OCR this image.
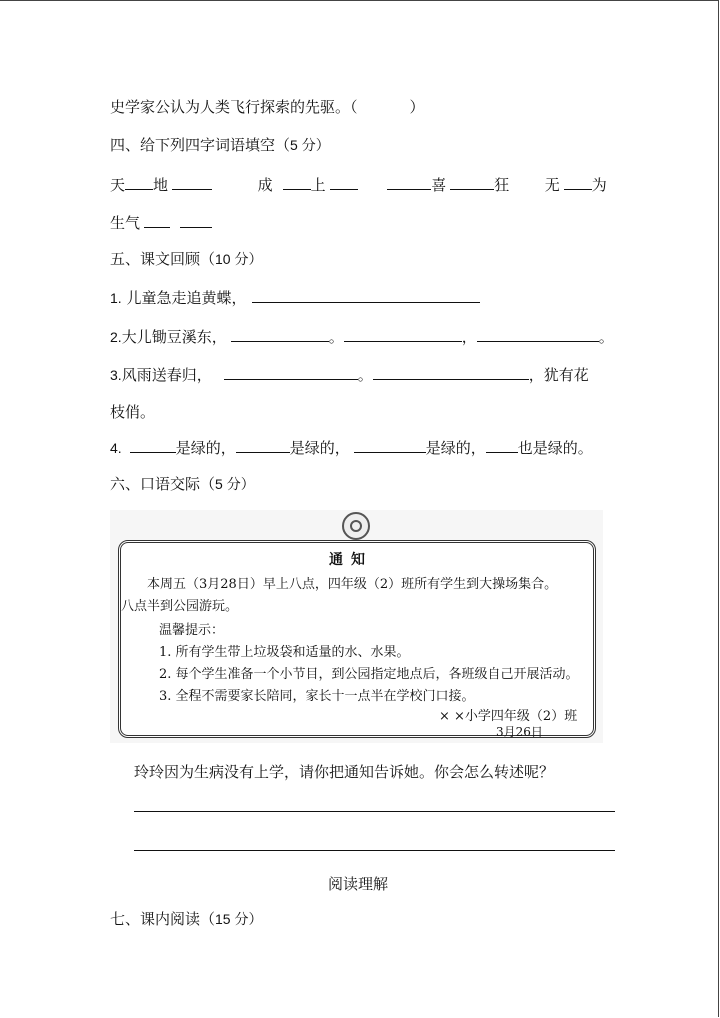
史学家公认为人类飞行探索的先驱。（	）
四、给下列四字词语填空（5 分）
天 地	成	上	喜	狂 无 为
生气
五、课文回顾（10 分）
1. 儿童急走追黄蝶，
2.大儿锄豆溪东，	。	，	。
3.风雨送春归，	。	，犹有花
枝俏。
4.	是绿的，	是绿的，	是绿的， 也是绿的。
六、口语交际（5 分）
通知
本周五（3月28日）早上八点，四年级（2）班所有学生到大操场集合。
八点半到公园游玩。
温馨提示：
1. 所有学生带上垃圾袋和适量的水、水果。
2. 每个学生准备一个小节目，到公园指定地点后，各班级自己开展活动。
3. 全程不需要家长陪同，家长十一点半在学校门口接。
× ×小学四年级（2）班
3月26日
玲玲因为生病没有上学，请你把通知告诉她。你会怎么转述呢？
阅读理解
七、课内阅读（15 分）
